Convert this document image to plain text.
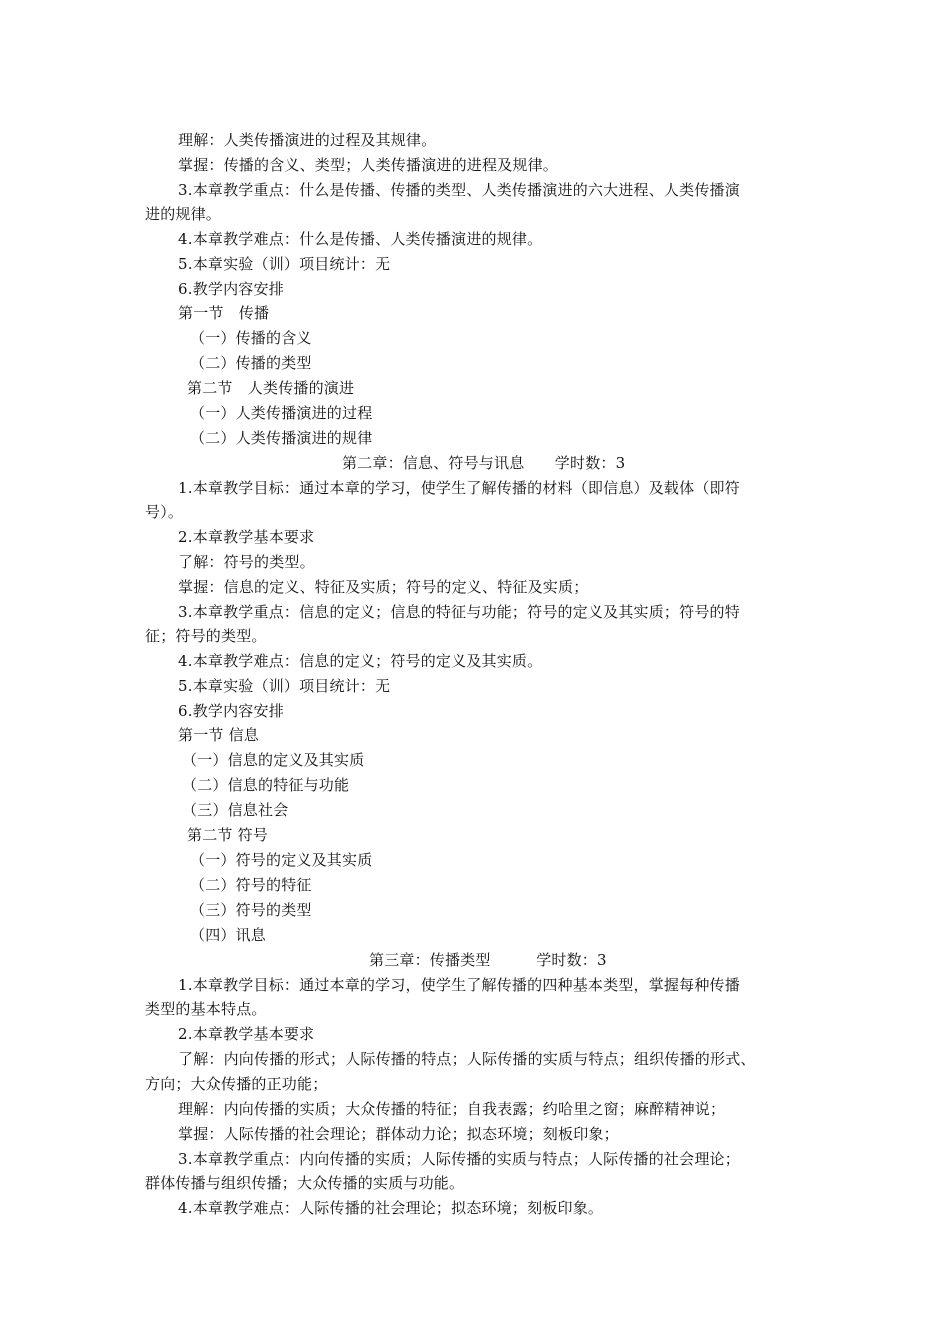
理解：人类传播演进的过程及其规律。
掌握：传播的含义、类型；人类传播演进的进程及规律。
3.本章教学重点：什么是传播、传播的类型、人类传播演进的六大进程、人类传播演
进的规律。
4.本章教学难点：什么是传播、人类传播演进的规律。
5.本章实验（训）项目统计：无
6.教学内容安排
第一节　传播
（一）传播的含义
（二）传播的类型
第二节　人类传播的演进
（一）人类传播演进的过程
（二）人类传播演进的规律
第二章：信息、符号与讯息　　学时数：3
1.本章教学目标：通过本章的学习，使学生了解传播的材料（即信息）及载体（即符
号）。
2.本章教学基本要求
了解：符号的类型。
掌握：信息的定义、特征及实质；符号的定义、特征及实质；
3.本章教学重点：信息的定义；信息的特征与功能；符号的定义及其实质；符号的特
征；符号的类型。
4.本章教学难点：信息的定义；符号的定义及其实质。
5.本章实验（训）项目统计：无
6.教学内容安排
第一节 信息
（一）信息的定义及其实质
（二）信息的特征与功能
（三）信息社会
第二节 符号
（一）符号的定义及其实质
（二）符号的特征
（三）符号的类型
（四）讯息
第三章：传播类型　　　学时数：3
1.本章教学目标：通过本章的学习，使学生了解传播的四种基本类型，掌握每种传播
类型的基本特点。
2.本章教学基本要求
了解：内向传播的形式；人际传播的特点；人际传播的实质与特点；组织传播的形式、
方向；大众传播的正功能；
理解：内向传播的实质；大众传播的特征；自我表露；约哈里之窗；麻醉精神说；
掌握：人际传播的社会理论；群体动力论；拟态环境；刻板印象；
3.本章教学重点：内向传播的实质；人际传播的实质与特点；人际传播的社会理论；
群体传播与组织传播；大众传播的实质与功能。
4.本章教学难点：人际传播的社会理论；拟态环境；刻板印象。
